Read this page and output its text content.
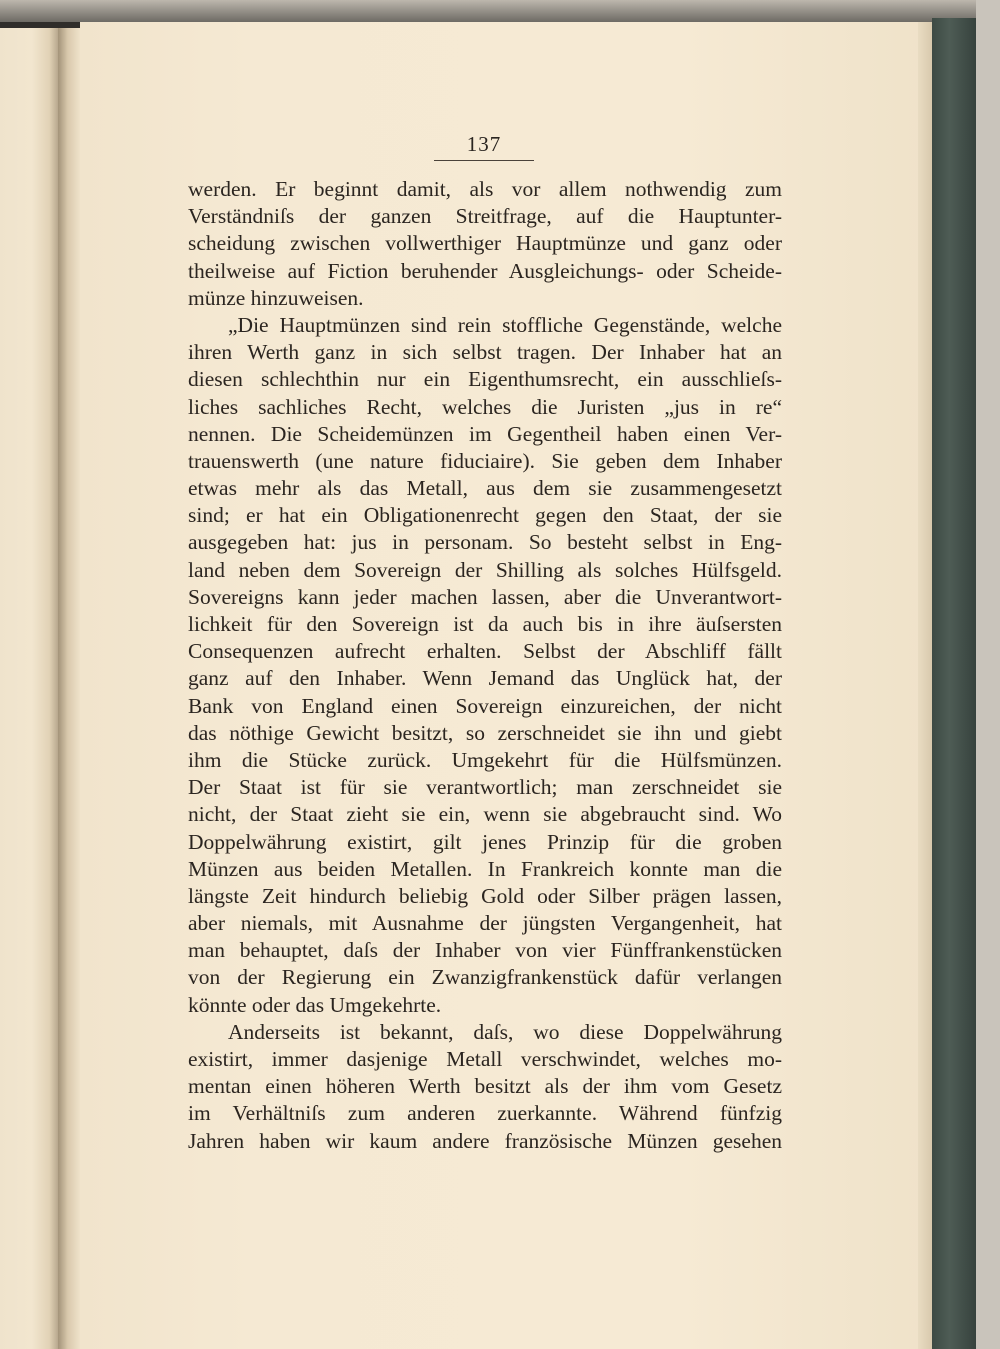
137
werden. Er beginnt damit, als vor allem nothwendig zum
Verständniſs der ganzen Streitfrage, auf die Hauptunter-
scheidung zwischen vollwerthiger Hauptmünze und ganz oder
theilweise auf Fiction beruhender Ausgleichungs- oder Scheide-
münze hinzuweisen.
„Die Hauptmünzen sind rein stoffliche Gegenstände, welche
ihren Werth ganz in sich selbst tragen. Der Inhaber hat an
diesen schlechthin nur ein Eigenthumsrecht, ein ausschlieſs-
liches sachliches Recht, welches die Juristen „jus in re“
nennen. Die Scheidemünzen im Gegentheil haben einen Ver-
trauenswerth (une nature fiduciaire). Sie geben dem Inhaber
etwas mehr als das Metall, aus dem sie zusammengesetzt
sind; er hat ein Obligationenrecht gegen den Staat, der sie
ausgegeben hat: jus in personam. So besteht selbst in Eng-
land neben dem Sovereign der Shilling als solches Hülfsgeld.
Sovereigns kann jeder machen lassen, aber die Unverantwort-
lichkeit für den Sovereign ist da auch bis in ihre äuſsersten
Consequenzen aufrecht erhalten. Selbst der Abschliff fällt
ganz auf den Inhaber. Wenn Jemand das Unglück hat, der
Bank von England einen Sovereign einzureichen, der nicht
das nöthige Gewicht besitzt, so zerschneidet sie ihn und giebt
ihm die Stücke zurück. Umgekehrt für die Hülfsmünzen.
Der Staat ist für sie verantwortlich; man zerschneidet sie
nicht, der Staat zieht sie ein, wenn sie abgebraucht sind. Wo
Doppelwährung existirt, gilt jenes Prinzip für die groben
Münzen aus beiden Metallen. In Frankreich konnte man die
längste Zeit hindurch beliebig Gold oder Silber prägen lassen,
aber niemals, mit Ausnahme der jüngsten Vergangenheit, hat
man behauptet, daſs der Inhaber von vier Fünffrankenstücken
von der Regierung ein Zwanzigfrankenstück dafür verlangen
könnte oder das Umgekehrte.
Anderseits ist bekannt, daſs, wo diese Doppelwährung
existirt, immer dasjenige Metall verschwindet, welches mo-
mentan einen höheren Werth besitzt als der ihm vom Gesetz
im Verhältniſs zum anderen zuerkannte. Während fünfzig
Jahren haben wir kaum andere französische Münzen gesehen
